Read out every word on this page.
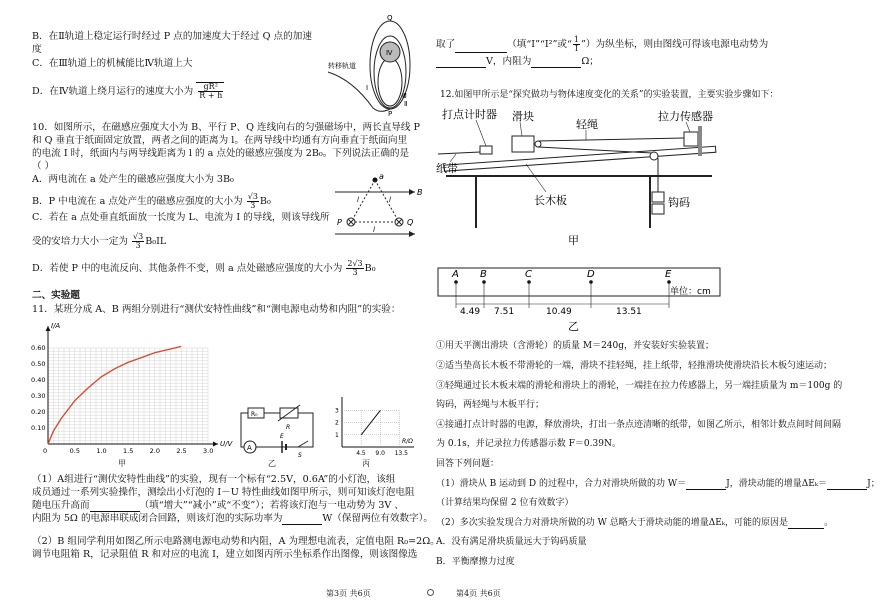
B．在Ⅱ轨道上稳定运行时经过 P 点的加速度大于经过 Q 点的加速
度
C．在Ⅲ轨道上的机械能比Ⅳ轨道上大
D．在Ⅳ轨道上绕月运行的速度大小为 $\frac{\text{gR²}}{R + h}$
Q
Ⅳ
Ⅲ
Ⅱ
Ⅰ
P
转移轨道
10．如图所示，在磁感应强度大小为 B、平行 P、Q 连线向右的匀强磁场中，两长直导线 P
和 Q 垂直于纸面固定放置，两者之间的距离为 l。在两导线中均通有方向垂直于纸面向里
的电流 I 时，纸面内与两导线距离为 l 的 a 点处的磁感应强度为 2B₀。下列说法正确的是
（ ）
A．两电流在 a 处产生的磁感应强度大小为 3B₀
B．P 中电流在 a 点处产生的磁感应强度的大小为 $\frac{√3}{3} B_0$
C．若在 a 点处垂直纸面放一长度为 L、电流为 I 的导线，则该导线所
受的安培力大小一定为 $\frac{√3}{3} B_0IL$
D．若使 P 中的电流反向、其他条件不变，则 a 点处磁感应强度的大小为 $\frac{2√3}{3} B_0$
a
B
P	Q
l	l
l
二、实验题
11．某班分成 A、B 两组分别进行“测伏安特性曲线”和“测电源电动势和内阻”的实验：
0	0.5	1.0	1.5	2.0	2.5	3.0
0.10
0.20
0.30
0.40
0.50
0.60
U/V
I/A
甲
A
R₀
R
S
E
乙
4.5 9.0 13.5
1
2
3
R/Ω
丙
（1）A组进行“测伏安特性曲线”的实验，现有一个标有“2.5V，0.6A”的小灯泡，该组
成员通过一系列实验操作，测绘出小灯泡的 I－U 特性曲线如图甲所示，则可知该灯泡电阻
随电压升高而	（填“增大”“减小”或“不变”）；若将该灯泡与一电动势为 3V 、
内阻为 5Ω 的电源串联成闭合回路，则该灯泡的实际功率为	W（保留两位有效数字）。
（2）B 组同学利用如图乙所示电路测电源电动势和内阻，A 为理想电流表，定值电阻 R₀=2Ω。
调节电阻箱 R，记录阻值 R 和对应的电流 I，建立如图丙所示坐标系作出图像，则该图像选
第3页 共6页
取了	（填“I”“I²”或“ $\frac{1}{I}$ ”）为纵坐标，则由图线可得该电源电动势为
V，内阻为	Ω；
12.如图甲所示是“探究做功与物体速度变化的关系”的实验装置，主要实验步骤如下：
打点计时器 滑块
轻绳
拉力传感器
纸带
长木板	钩码
甲
A B	C	D	E
4.49 7.51	10.49	13.51
单位：cm
乙
①用天平测出滑块（含滑轮）的质量 M＝240g，并安装好实验装置；
②适当垫高长木板不带滑轮的一端，滑块不挂轻绳，挂上纸带，轻推滑块使滑块沿长木板匀速运动；
③轻绳通过长木板末端的滑轮和滑块上的滑轮，一端挂在拉力传感器上，另一端挂质量为 m＝100g 的
钩码，两轻绳与木板平行；
④接通打点计时器的电源，释放滑块，打出一条点迹清晰的纸带，如图乙所示，相邻计数点间时间间隔
为 0.1s，并记录拉力传感器示数 F＝0.39N。
回答下列问题：
（1）滑块从 B 运动到 D 的过程中，合力对滑块所做的功 W＝	J，滑块动能的增量ΔEₖ＝	J；
（计算结果均保留 2 位有效数字）
（2）多次实验发现合力对滑块所做的功 W 总略大于滑块动能的增量ΔEₖ，可能的原因是	。
A．没有满足滑块质量远大于钩码质量
B．平衡摩擦力过度
第4页 共6页
